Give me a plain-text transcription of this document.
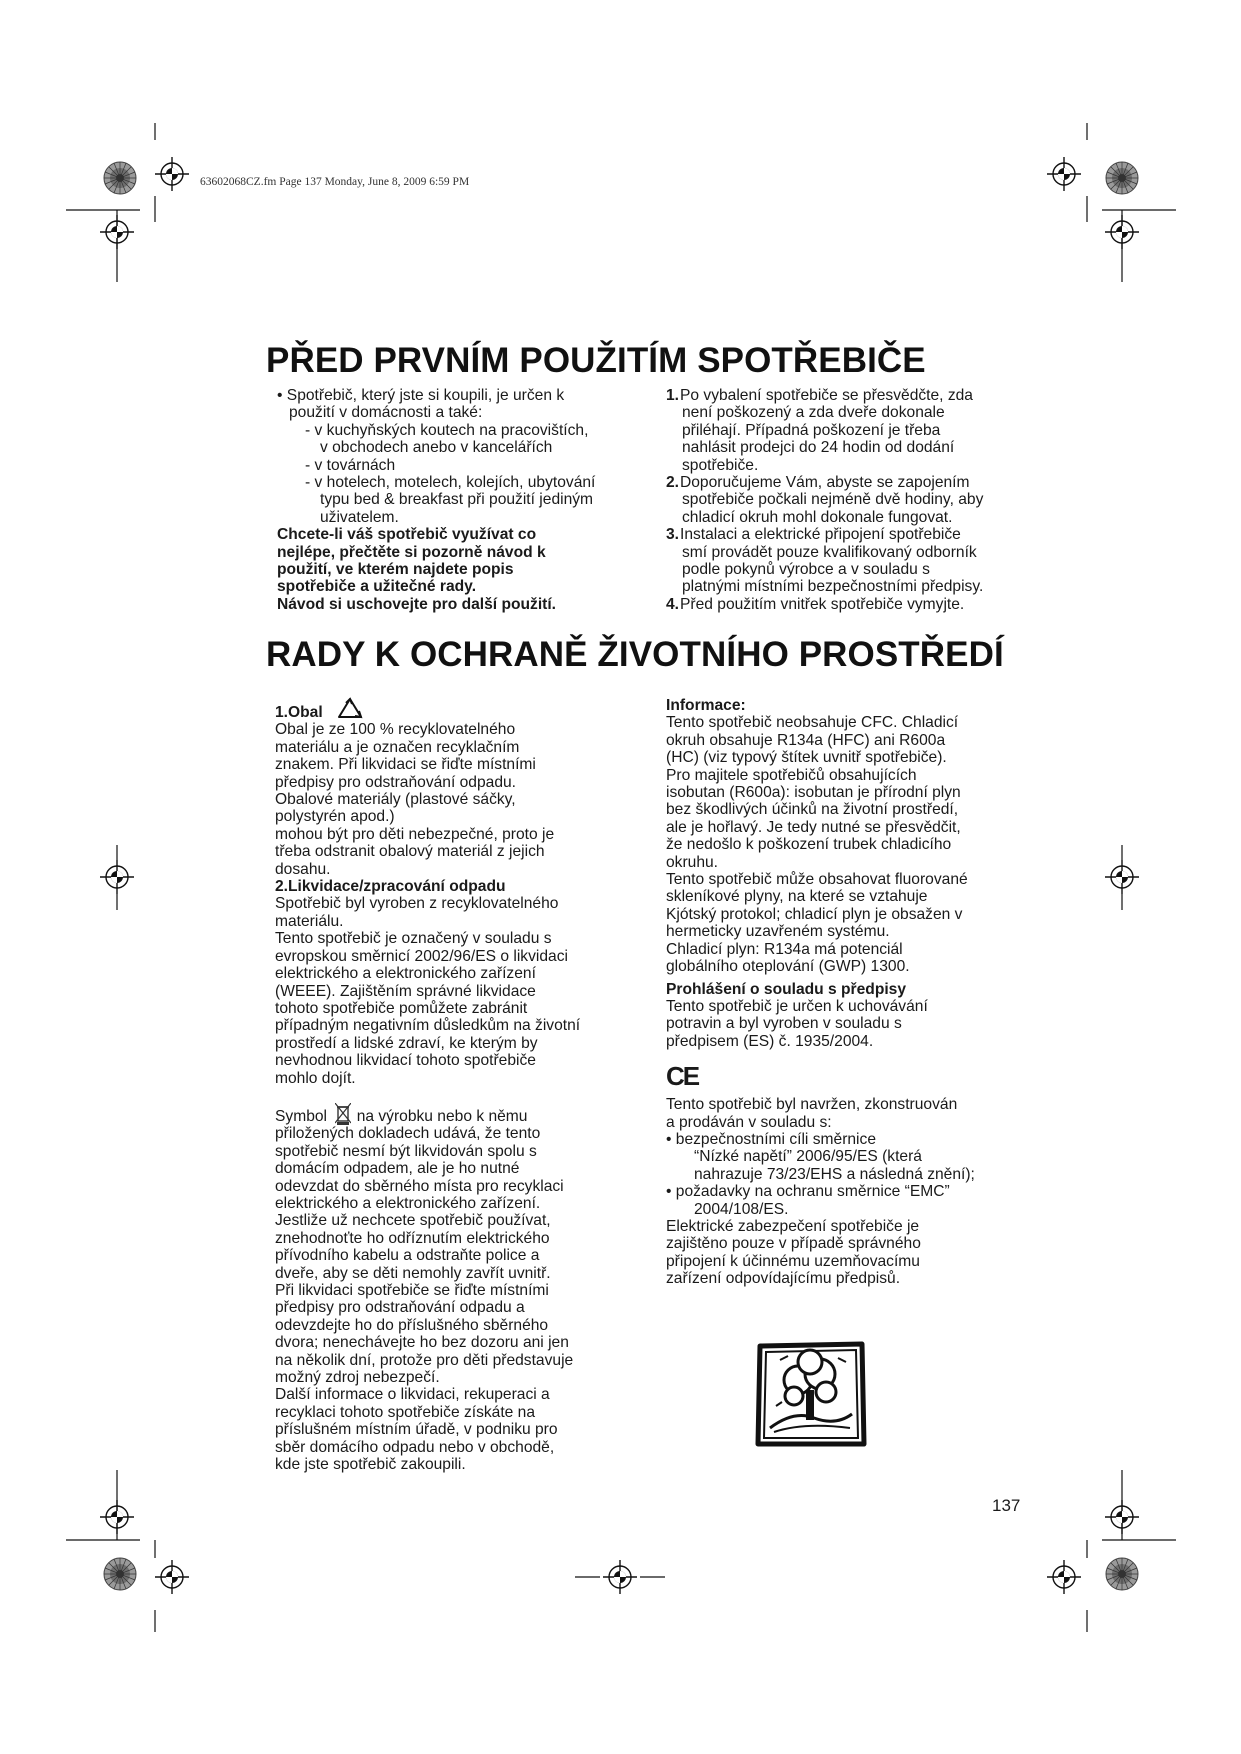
63602068CZ.fm Page 137 Monday, June 8, 2009 6:59 PM
PŘED PRVNÍM POUŽITÍM SPOTŘEBIČE

• Spotřebič, který jste si koupili, je určen k

použití v domácnosti a také:

- v kuchyňských koutech na pracovištích,

v obchodech anebo v kancelářích

- v továrnách

- v hotelech, motelech, kolejích, ubytování

typu bed & breakfast při použití jediným

uživatelem.

Chcete-li váš spotřebič využívat co

nejlépe, přečtěte si pozorně návod k

použití, ve kterém najdete popis

spotřebiče a užitečné rady.

Návod si uschovejte pro další použití.

1.Po vybalení spotřebiče se přesvědčte, zda

není poškozený a zda dveře dokonale

přiléhají. Případná poškození je třeba

nahlásit prodejci do 24 hodin od dodání

spotřebiče.

2.Doporučujeme Vám, abyste se zapojením

spotřebiče počkali nejméně dvě hodiny, aby

chladicí okruh mohl dokonale fungovat.

3.Instalaci a elektrické připojení spotřebiče

smí provádět pouze kvalifikovaný odborník

podle pokynů výrobce a v souladu s

platnými místními bezpečnostními předpisy.

4.Před použitím vnitřek spotřebiče vymyjte.

RADY K OCHRANĚ ŽIVOTNÍHO PROSTŘEDÍ

1.Obal

Obal je ze 100 % recyklovatelného

materiálu a je označen recyklačním

znakem. Při likvidaci se řiďte místními

předpisy pro odstraňování odpadu.

Obalové materiály (plastové sáčky,

polystyrén apod.)

mohou být pro děti nebezpečné, proto je

třeba odstranit obalový materiál z jejich

dosahu.

2.Likvidace/zpracování odpadu

Spotřebič byl vyroben z recyklovatelného

materiálu.

Tento spotřebič je označený v souladu s

evropskou směrnicí 2002/96/ES o likvidaci

elektrického a elektronického zařízení

(WEEE). Zajištěním správné likvidace

tohoto spotřebiče pomůžete zabránit

případným negativním důsledkům na životní

prostředí a lidské zdraví, ke kterým by

nevhodnou likvidací tohoto spotřebiče

mohlo dojít.

Symbol na výrobku nebo k němu

přiložených dokladech udává, že tento

spotřebič nesmí být likvidován spolu s

domácím odpadem, ale je ho nutné

odevzdat do sběrného místa pro recyklaci

elektrického a elektronického zařízení.

Jestliže už nechcete spotřebič používat,

znehodnoťte ho odříznutím elektrického

přívodního kabelu a odstraňte police a

dveře, aby se děti nemohly zavřít uvnitř.

Při likvidaci spotřebiče se řiďte místními

předpisy pro odstraňování odpadu a

odevzdejte ho do příslušného sběrného

dvora; nenechávejte ho bez dozoru ani jen

na několik dní, protože pro děti představuje

možný zdroj nebezpečí.

Další informace o likvidaci, rekuperaci a

recyklaci tohoto spotřebiče získáte na

příslušném místním úřadě, v podniku pro

sběr domácího odpadu nebo v obchodě,

kde jste spotřebič zakoupili.

Informace:

Tento spotřebič neobsahuje CFC. Chladicí

okruh obsahuje R134a (HFC) ani R600a

(HC) (viz typový štítek uvnitř spotřebiče).

Pro majitele spotřebičů obsahujících

isobutan (R600a): isobutan je přírodní plyn

bez škodlivých účinků na životní prostředí,

ale je hořlavý. Je tedy nutné se přesvědčit,

že nedošlo k poškození trubek chladicího

okruhu.

Tento spotřebič může obsahovat fluorované

skleníkové plyny, na které se vztahuje

Kjótský protokol; chladicí plyn je obsažen v

hermeticky uzavřeném systému.

Chladicí plyn: R134a má potenciál

globálního oteplování (GWP) 1300.

Prohlášení o souladu s předpisy

Tento spotřebič je určen k uchovávání

potravin a byl vyroben v souladu s

předpisem (ES) č. 1935/2004.

CE

Tento spotřebič byl navržen, zkonstruován

a prodáván v souladu s:

• bezpečnostními cíli směrnice

“Nízké napětí” 2006/95/ES (která

nahrazuje 73/23/EHS a následná znění);

• požadavky na ochranu směrnice “EMC”

2004/108/ES.

Elektrické zabezpečení spotřebiče je

zajištěno pouze v případě správného

připojení k účinnému uzemňovacímu

zařízení odpovídajícímu předpisů.

137
